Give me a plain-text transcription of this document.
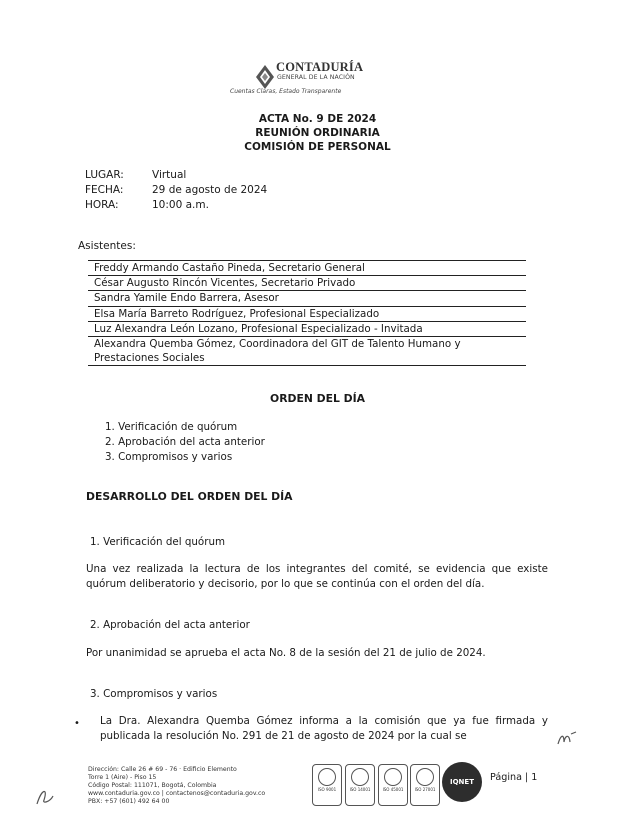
CONTADURÍA
GENERAL DE LA NACIÓN
Cuentas Claras, Estado Transparente
ACTA No. 9 DE 2024
REUNIÓN ORDINARIA
COMISIÓN DE PERSONAL
LUGAR:	Virtual
FECHA:	29 de agosto de 2024
HORA:	10:00 a.m.
Asistentes:
Freddy Armando Castaño Pineda, Secretario General
César Augusto Rincón Vicentes, Secretario Privado
Sandra Yamile Endo Barrera, Asesor
Elsa María Barreto Rodríguez, Profesional Especializado
Luz Alexandra León Lozano, Profesional Especializado - Invitada
Alexandra Quemba Gómez, Coordinadora del GIT de Talento Humano y Prestaciones Sociales
ORDEN DEL DÍA
1. Verificación de quórum
2. Aprobación del acta anterior
3. Compromisos y varios
DESARROLLO DEL ORDEN DEL DÍA
1. Verificación del quórum
Una vez realizada la lectura de los integrantes del comité, se evidencia que existe quórum deliberatorio y decisorio, por lo que se continúa con el orden del día.
2. Aprobación del acta anterior
Por unanimidad se aprueba el acta No. 8 de la sesión del 21 de julio de 2024.
3. Compromisos y varios
• La Dra. Alexandra Quemba Gómez informa a la comisión que ya fue firmada y publicada la resolución No. 291 de 21 de agosto de 2024 por la cual se
Dirección: Calle 26 # 69 - 76 · Edificio Elemento
Torre 1 (Aire) - Piso 15
Código Postal: 111071, Bogotá, Colombia
www.contaduria.gov.co | contactenos@contaduria.gov.co
PBX: +57 (601) 492 64 00
ISO 9001	ISO 14001	ISO 45001	ISO 27001
IQNET	Página | 1
